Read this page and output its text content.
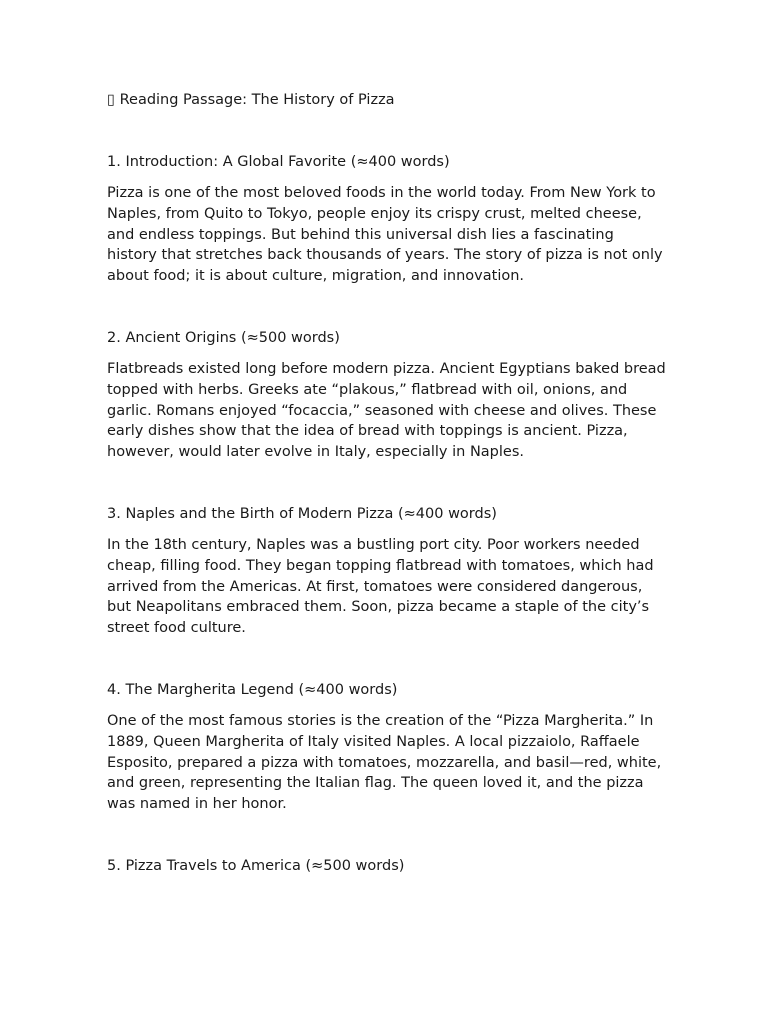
▯ Reading Passage: The History of Pizza
1. Introduction: A Global Favorite (≈400 words)

Pizza is one of the most beloved foods in the world today. From New York to Naples, from Quito to Tokyo, people enjoy its crispy crust, melted cheese, and endless toppings. But behind this universal dish lies a fascinating history that stretches back thousands of years. The story of pizza is not only about food; it is about culture, migration, and innovation.

2. Ancient Origins (≈500 words)

Flatbreads existed long before modern pizza. Ancient Egyptians baked bread topped with herbs. Greeks ate “plakous,” flatbread with oil, onions, and garlic. Romans enjoyed “focaccia,” seasoned with cheese and olives. These early dishes show that the idea of bread with toppings is ancient. Pizza, however, would later evolve in Italy, especially in Naples.

3. Naples and the Birth of Modern Pizza (≈400 words)

In the 18th century, Naples was a bustling port city. Poor workers needed cheap, filling food. They began topping flatbread with tomatoes, which had arrived from the Americas. At first, tomatoes were considered dangerous, but Neapolitans embraced them. Soon, pizza became a staple of the city’s street food culture.

4. The Margherita Legend (≈400 words)

One of the most famous stories is the creation of the “Pizza Margherita.” In 1889, Queen Margherita of Italy visited Naples. A local pizzaiolo, Raffaele Esposito, prepared a pizza with tomatoes, mozzarella, and basil—red, white, and green, representing the Italian flag. The queen loved it, and the pizza was named in her honor.

5. Pizza Travels to America (≈500 words)
